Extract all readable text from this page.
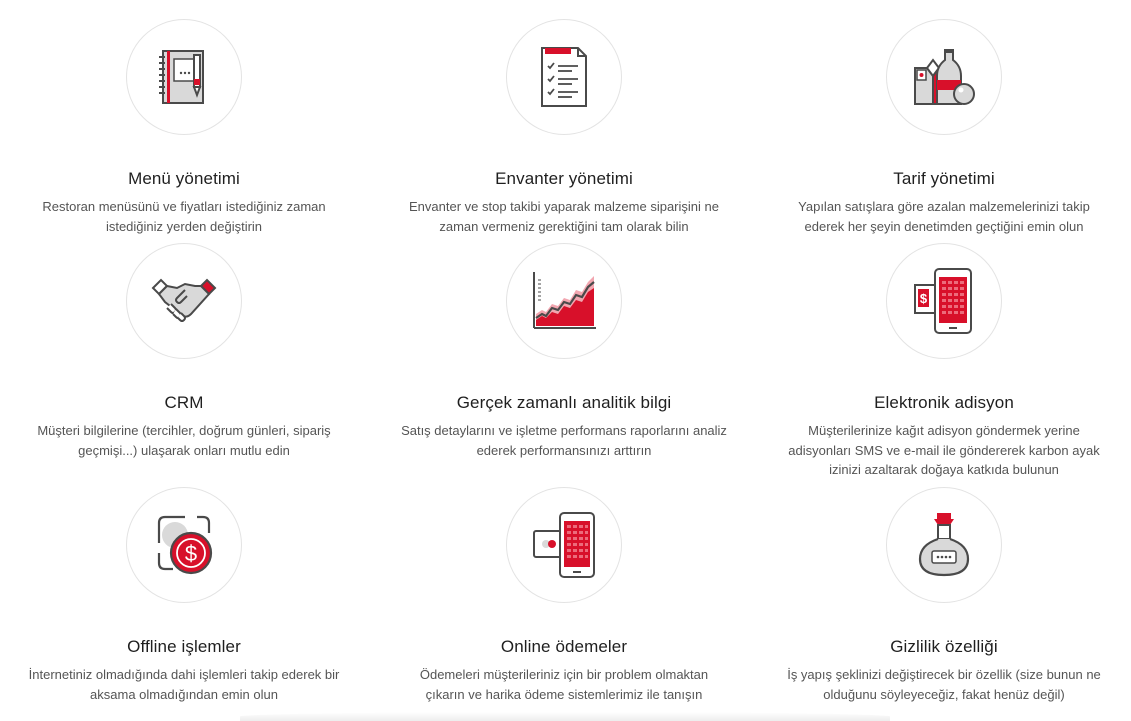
Menü yönetimi
Restoran menüsünü ve fiyatları istediğiniz zaman istediğiniz yerden değiştirin
Envanter yönetimi
Envanter ve stop takibi yaparak malzeme siparişini ne zaman vermeniz gerektiğini tam olarak bilin
Tarif yönetimi
Yapılan satışlara göre azalan malzemelerinizi takip ederek her şeyin denetimden geçtiğini emin olun
CRM
Müşteri bilgilerine (tercihler, doğrum günleri, sipariş geçmişi...) ulaşarak onları mutlu edin
Gerçek zamanlı analitik bilgi
Satış detaylarını ve işletme performans raporlarını analiz ederek performansınızı arttırın
$
Elektronik adisyon
Müşterilerinize kağıt adisyon göndermek yerine adisyonları SMS ve e-mail ile göndererek karbon ayak izinizi azaltarak doğaya katkıda bulunun
$
Offline işlemler
İnternetiniz olmadığında dahi işlemleri takip ederek bir aksama olmadığından emin olun
Online ödemeler
Ödemeleri müşterileriniz için bir problem olmaktan çıkarın ve harika ödeme sistemlerimiz ile tanışın
Gizlilik özelliği
İş yapış şeklinizi değiştirecek bir özellik (size bunun ne olduğunu söyleyeceğiz, fakat henüz değil)
